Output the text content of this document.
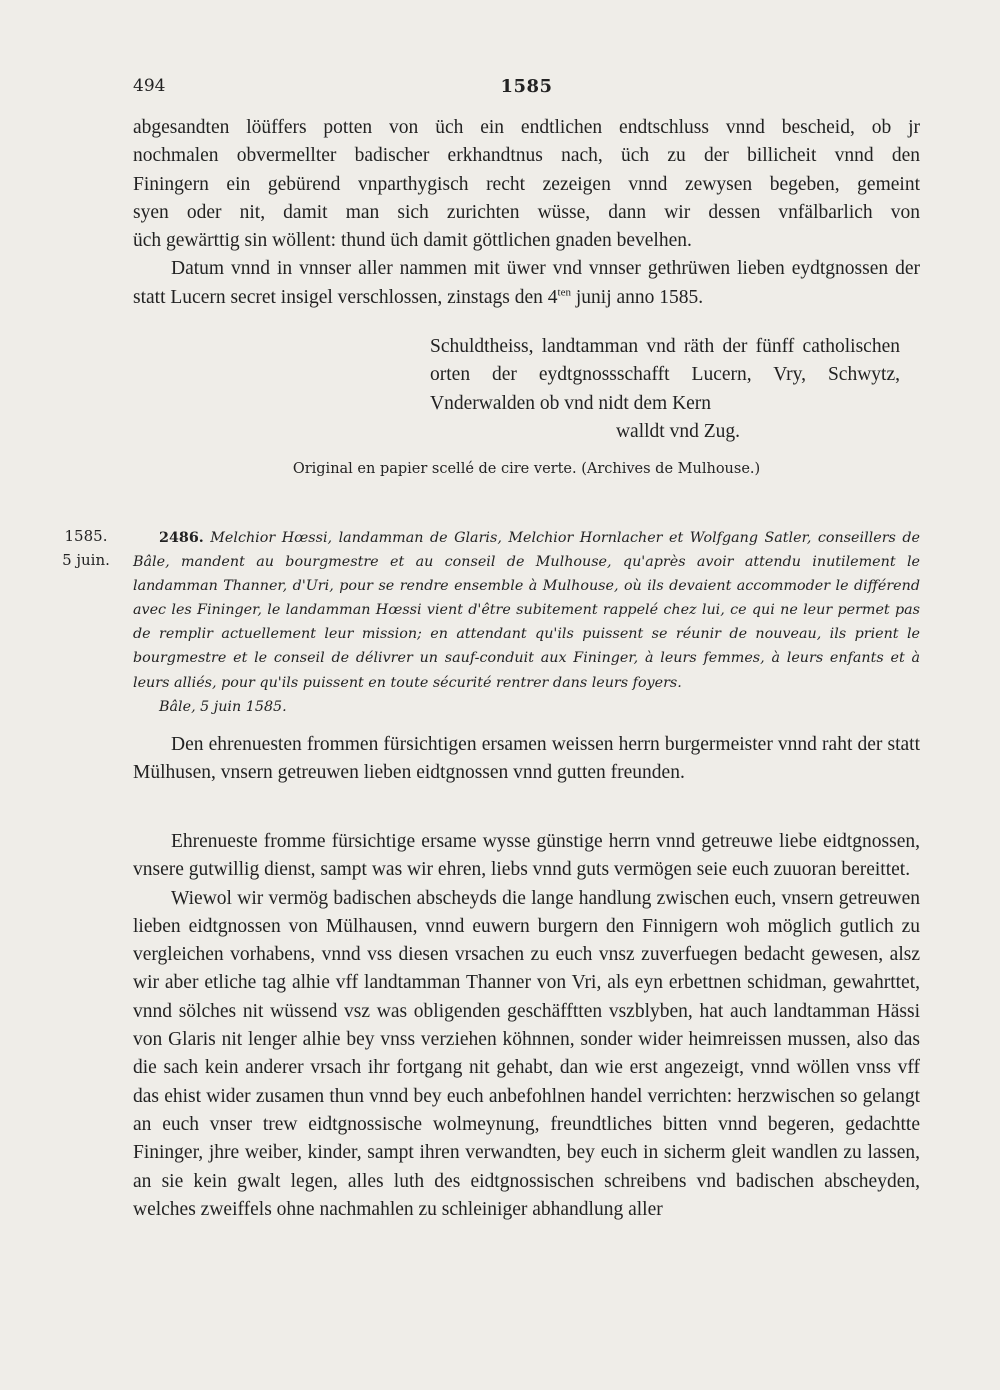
494	1585

abgesandten löüffers potten von üch ein endtlichen endtschluss vnnd bescheid, ob jr

nochmalen obvermellter badischer erkhandtnus nach, üch zu der billicheit vnnd den

Finingern ein gebürend vnparthygisch recht zezeigen vnnd zewysen begeben, gemeint

syen oder nit, damit man sich zurichten wüsse, dann wir dessen vnfälbarlich von

üch gewärttig sin wöllent: thund üch damit göttlichen gnaden bevelhen.

Datum vnnd in vnnser aller nammen mit üwer vnd vnnser gethrüwen lieben eydtgnossen der statt Lucern secret insigel verschlossen, zinstags den $4^{ten}$ junij anno 1585.

Schuldtheiss, landtamman vnd räth der fünff catholischen orten der eydtgnossschafft Lucern, Vry, Schwytz, Vnderwalden ob vnd nidt dem Kern
walldt vnd Zug.
Original en papier scellé de cire verte. (Archives de Mulhouse.)
1585.
5 juin.
2486. Melchior Hœssi, landamman de Glaris, Melchior Hornlacher et Wolfgang Satler, conseillers de Bâle, mandent au bourgmestre et au conseil de Mulhouse, qu'après avoir attendu inutilement le landamman Thanner, d'Uri, pour se rendre ensemble à Mulhouse, où ils devaient accommoder le différend avec les Fininger, le landamman Hœssi vient d'être subitement rappelé chez lui, ce qui ne leur permet pas de remplir actuellement leur mission; en attendant qu'ils puissent se réunir de nouveau, ils prient le bourgmestre et le conseil de délivrer un sauf-conduit aux Fininger, à leurs femmes, à leurs enfants et à leurs alliés, pour qu'ils puissent en toute sécurité rentrer dans leurs foyers.
Bâle, 5 juin 1585.

Den ehrenuesten frommen fürsichtigen ersamen weissen herrn burgermeister vnnd raht der statt Mülhusen, vnsern getreuwen lieben eidtgnossen vnnd gutten freunden.

Ehrenueste fromme fürsichtige ersame wysse günstige herrn vnnd getreuwe liebe eidtgnossen, vnsere gutwillig dienst, sampt was wir ehren, liebs vnnd guts vermögen seie euch zuuoran bereittet.

Wiewol wir vermög badischen abscheyds die lange handlung zwischen euch, vnsern getreuwen lieben eidtgnossen von Mülhausen, vnnd euwern burgern den Finnigern woh möglich gutlich zu vergleichen vorhabens, vnnd vss diesen vrsachen zu euch vnsz zuverfuegen bedacht gewesen, alsz wir aber etliche tag alhie vff landtamman Thanner von Vri, als eyn erbettnen schidman, gewahrttet, vnnd sölches nit wüssend vsz was obligenden geschäfftten vszblyben, hat auch landtamman Hässi von Glaris nit lenger alhie bey vnss verziehen köhnnen, sonder wider heimreissen mussen, also das die sach kein anderer vrsach ihr fortgang nit gehabt, dan wie erst angezeigt, vnnd wöllen vnss vff das ehist wider zusamen thun vnnd bey euch anbefohlnen handel verrichten: herzwischen so gelangt an euch vnser trew eidtgnossische wolmeynung, freundtliches bitten vnnd begeren, gedachtte Fininger, jhre weiber, kinder, sampt ihren verwandten, bey euch in sicherm gleit wandlen zu lassen, an sie kein gwalt legen, alles luth des eidtgnossischen schreibens vnd badischen abscheyden, welches zweiffels ohne nachmahlen zu schleiniger abhandlung aller
